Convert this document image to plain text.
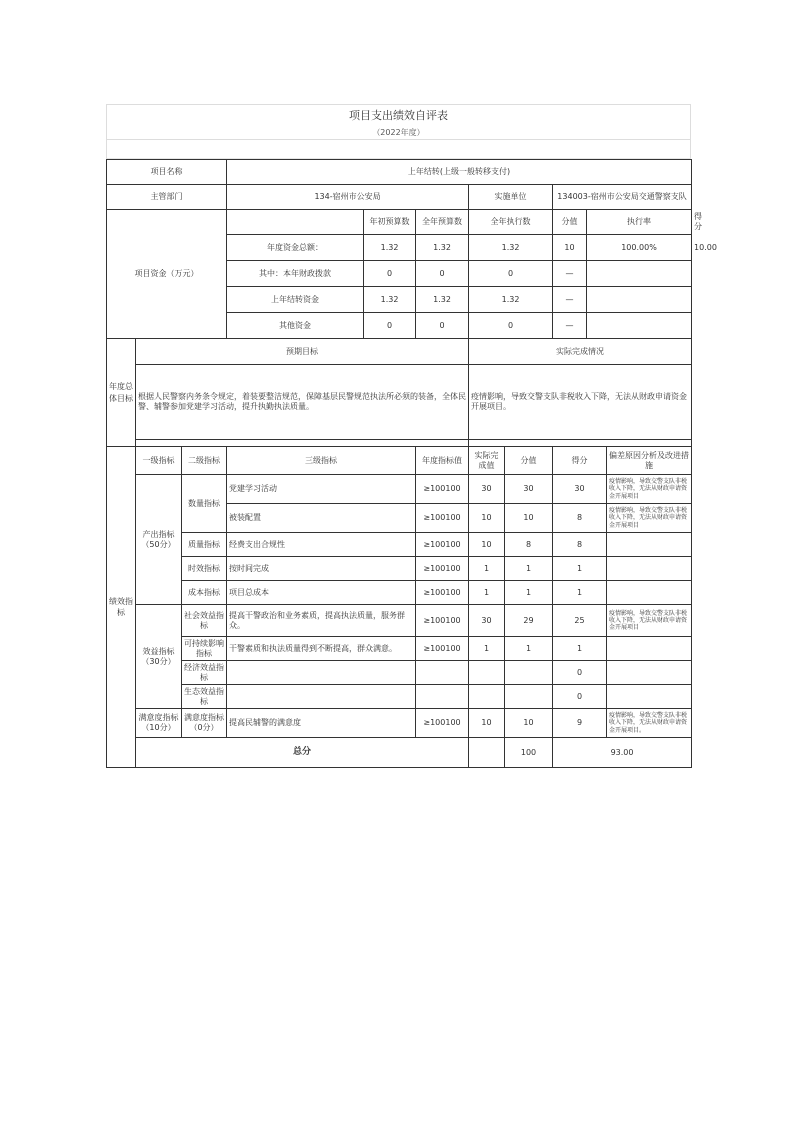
项目支出绩效自评表
（2022年度）
项目名称			上年结转(上级一般转移支付)								
主管部门			134-宿州市公安局			实施单位		134003-宿州市公安局交通警察支队			
项目资金（万元）				年初预算数	全年预算数	全年执行数		分值	执行率		得分
			年度资金总额：	1.32	1.32	1.32		10	100.00%		10.00
			其中：本年财政拨款	0	0	0		—			
			上年结转资金	1.32	1.32	1.32		—			
			其他资金	0	0	0		—			
年度总体目标	预期目标					实际完成情况					
	根据人民警察内务条令规定，着装要整洁规范，保障基层民警规范执法所必须的装备，全体民警、辅警参加党建学习活动，提升执勤执法质量。					疫情影响，导致交警支队非税收入下降，无法从财政申请资金开展项目。					

绩效指标	一级指标	二级指标	三级指标		年度指标值	实际完成值	分值	得分		偏差原因分析及改进措施	
	产出指标（50分）	数量指标	党建学习活动		≥100100	30	30	30		疫情影响，导致交警支队非税收入下降，无法从财政申请资金开展项目	
			被装配置		≥100100	10	10	8		疫情影响，导致交警支队非税收入下降，无法从财政申请资金开展项目	
		质量指标	经费支出合规性		≥100100	10	8	8			
		时效指标	按时间完成		≥100100	1	1	1			
		成本指标	项目总成本		≥100100	1	1	1			
	效益指标（30分）	社会效益指标	提高干警政治和业务素质，提高执法质量，服务群众。		≥100100	30	29	25		疫情影响，导致交警支队非税收入下降，无法从财政申请资金开展项目	
		可持续影响指标	干警素质和执法质量得到不断提高，群众满意。		≥100100	1	1	1			
		经济效益指标						0			
		生态效益指标						0			
	满意度指标（10分）	满意度指标（0分）	提高民辅警的满意度		≥100100	10	10	9		疫情影响，导致交警支队非税收入下降，无法从财政申请资金开展项目。	
	总分						100	93.00			
